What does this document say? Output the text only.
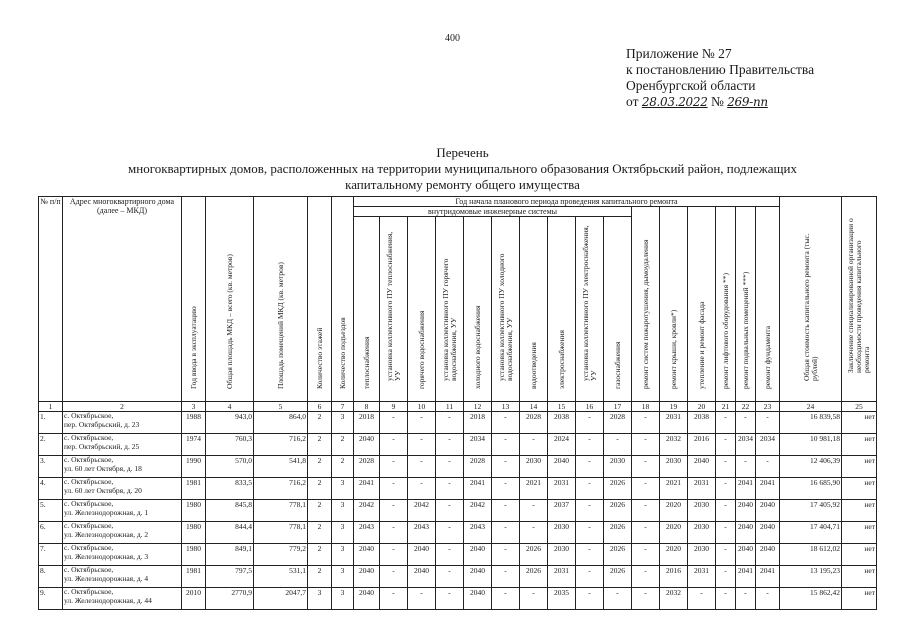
400
Приложение № 27
к постановлению Правительства
Оренбургской области
от 28.03.2022 № 269-пп
Перечень
многоквартирных домов, расположенных на территории муниципального образования Октябрьский район, подлежащих
капитальному ремонту общего имущества
№ п/п	Адрес многоквартирного дома (далее – МКД)	Год ввода в эксплуатацию	Общая площадь МКД – всего (кв. метров)	Площадь помещений МКД (кв. метров)	Количество этажей	Количество подъездов	Год начала планового периода проведения капитального ремонта																Общая стоимость капитального ремонта (тыс. рублей)	Заключение специализированной организации о необходимости проведения капитального ремонта

							внутридомовые инженерные системы										ремонт систем пожаротушения, дымоудаления	ремонт крыши, кровли*)	утепление и ремонт фасада	ремонт лифтового оборудования **)	ремонт подвальных помещений ***)	ремонт фундамента		

							теплоснабжения	установка коллективного ПУ теплоснабжения, УУ	горячего водоснабжения	установка коллективного ПУ горячего водоснабжения, УУ	холодного водоснабжения	установка коллективного ПУ холодного водоснабжения, УУ	водоотведения	электроснабжения	установка коллективного ПУ электроснабжения, УУ	газоснабжения								

1	2	3	4	5	6	7	8	9	10	11	12	13	14	15	16	17	18	19	20	21	22	23	24	25
1.	с. Октябрьское,
пер. Октябрьский, д. 23	1988	943,0	864,0	2	3	2018	-	-	-	2018	-	2028	2038	-	2028	-	2031	2038	-	-	-	16 839,58	нет
2.	с. Октябрьское,
пер. Октябрьский, д. 25	1974	760,3	716,2	2	2	2040	-	-	-	2034	-	-	2024	-	-	-	2032	2016	-	2034	2034	10 981,18	нет
3.	с. Октябрьское,
ул. 60 лет Октября, д. 18	1990	570,0	541,8	2	2	2028	-	-	-	2028	-	2030	2040	-	2030	-	2030	2040	-	-	-	12 406,39	нет
4.	с. Октябрьское,
ул. 60 лет Октября, д. 20	1981	833,5	716,2	2	3	2041	-	-	-	2041	-	2021	2031	-	2026	-	2021	2031	-	2041	2041	16 685,90	нет
5.	с. Октябрьское,
ул. Железнодорожная, д. 1	1980	845,8	778,1	2	3	2042	-	2042	-	2042	-	-	2037	-	2026	-	2020	2030	-	2040	2040	17 405,92	нет
6.	с. Октябрьское,
ул. Железнодорожная, д. 2	1980	844,4	778,1	2	3	2043	-	2043	-	2043	-	-	2030	-	2026	-	2020	2030	-	2040	2040	17 404,71	нет
7.	с. Октябрьское,
ул. Железнодорожная, д. 3	1980	849,1	779,2	2	3	2040	-	2040	-	2040	-	2026	2030	-	2026	-	2020	2030	-	2040	2040	18 612,02	нет
8.	с. Октябрьское,
ул. Железнодорожная, д. 4	1981	797,5	531,1	2	3	2040	-	2040	-	2040	-	2026	2031	-	2026	-	2016	2031	-	2041	2041	13 195,23	нет
9.	с. Октябрьское,
ул. Железнодорожная, д. 44	2010	2770,9	2047,7	3	3	2040	-	-	-	2040	-	-	2035	-	-	-	2032	-	-	-	-	15 862,42	нет
